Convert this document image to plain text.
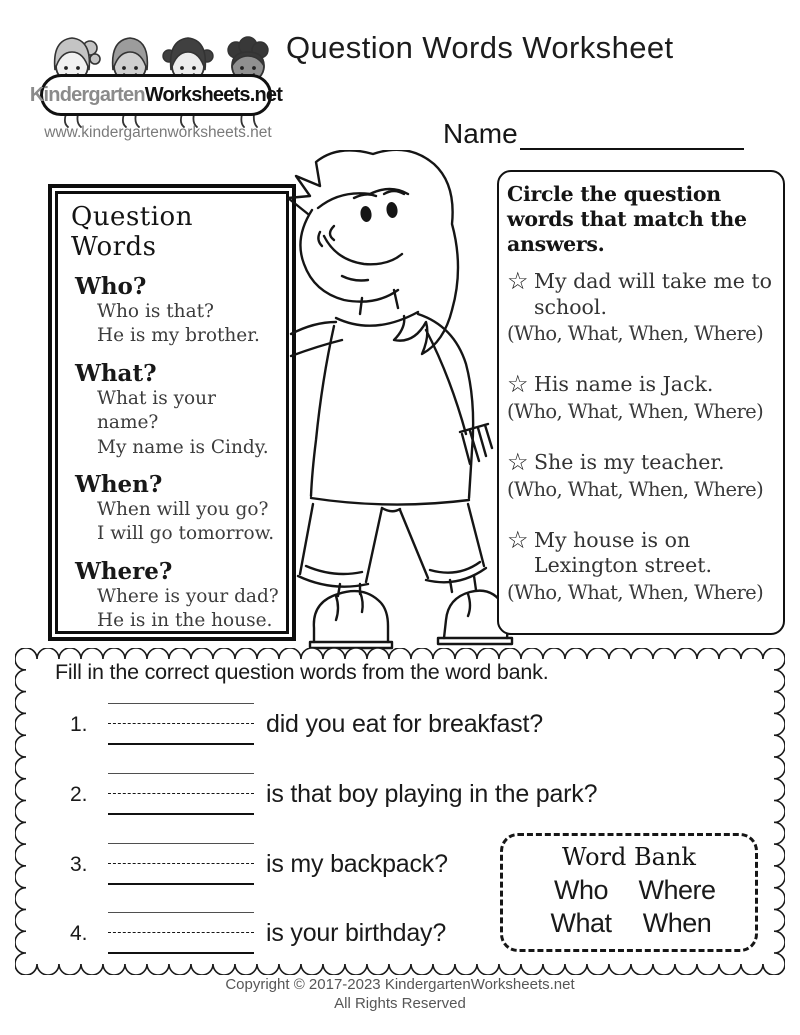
Kindergarten Worksheets.net
www.kindergartenworksheets.net
Question Words Worksheet
Name
Question Words
Who?
Who is that?
He is my brother.
What?
What is your name?
My name is Cindy.
When?
When will you go?
I will go tomorrow.
Where?
Where is your dad?
He is in the house.
Circle the question words that match the answers.
☆ My dad will take me to school.
(Who, What, When, Where)
☆ His name is Jack.
(Who, What, When, Where)
☆ She is my teacher.
(Who, What, When, Where)
☆ My house is on Lexington street.
(Who, What, When, Where)
Fill in the correct question words from the word bank.
1.	did you eat for breakfast?
2.	is that boy playing in the park?
3.	is my backpack?
4.	is your birthday?
Word Bank
Who	Where
What	When
Copyright © 2017-2023 KindergartenWorksheets.net
All Rights Reserved
